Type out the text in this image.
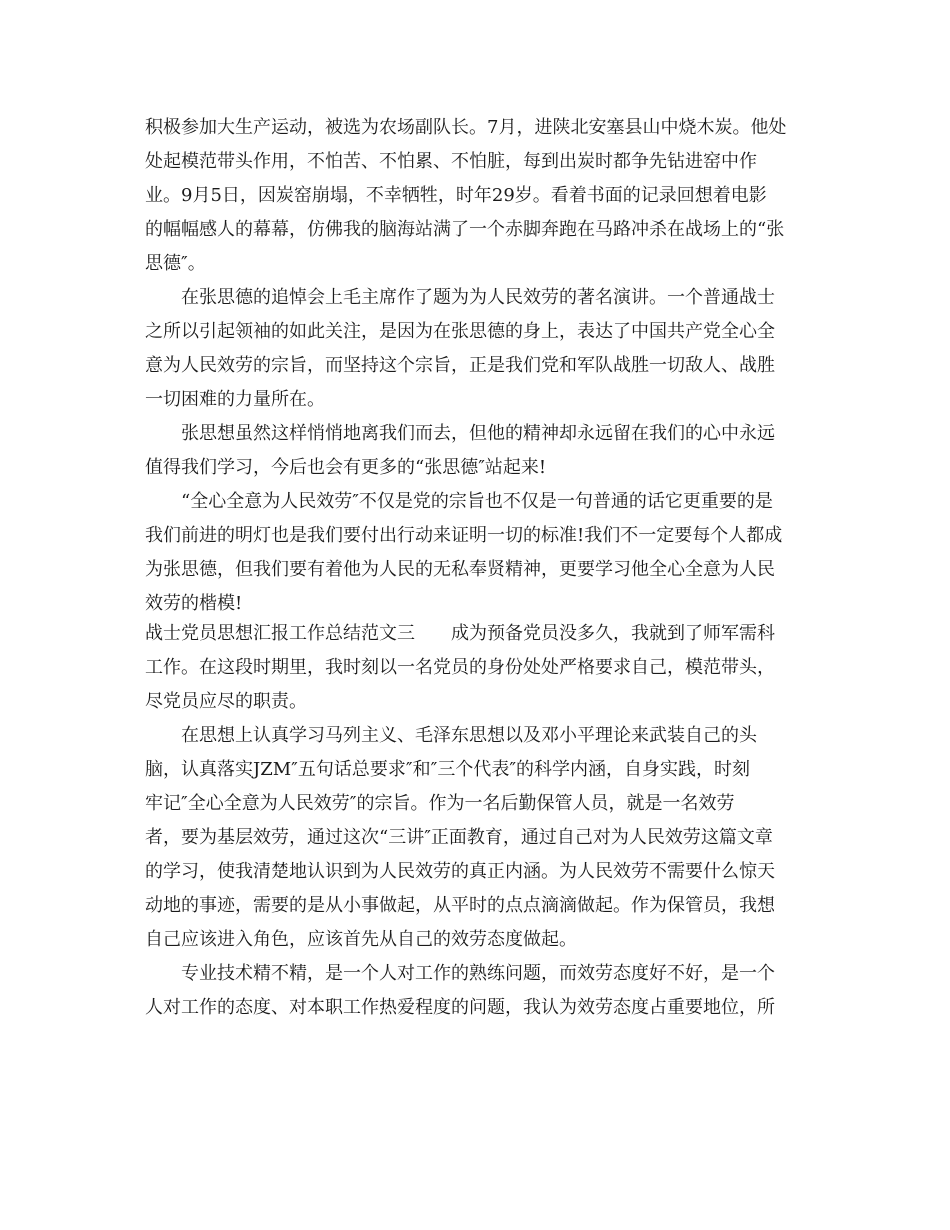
积极参加大生产运动，被选为农场副队长。7月，进陕北安塞县山中烧木炭。他处
处起模范带头作用，不怕苦、不怕累、不怕脏，每到出炭时都争先钻进窑中作
业。9月5日，因炭窑崩塌，不幸牺牲，时年29岁。看着书面的记录回想着电影
的幅幅感人的幕幕，仿佛我的脑海站满了一个赤脚奔跑在马路冲杀在战场上的“张
思德″。
　　在张思德的追悼会上毛主席作了题为为人民效劳的著名演讲。一个普通战士
之所以引起领袖的如此关注，是因为在张思德的身上，表达了中国共产党全心全
意为人民效劳的宗旨，而坚持这个宗旨，正是我们党和军队战胜一切敌人、战胜
一切困难的力量所在。
　　张思想虽然这样悄悄地离我们而去，但他的精神却永远留在我们的心中永远
值得我们学习，今后也会有更多的“张思德″站起来!
　　“全心全意为人民效劳″不仅是党的宗旨也不仅是一句普通的话它更重要的是
我们前进的明灯也是我们要付出行动来证明一切的标准!我们不一定要每个人都成
为张思德，但我们要有着他为人民的无私奉贤精神，更要学习他全心全意为人民
效劳的楷模!
战士党员思想汇报工作总结范文三　　成为预备党员没多久，我就到了师军需科
工作。在这段时期里，我时刻以一名党员的身份处处严格要求自己，模范带头，
尽党员应尽的职责。
　　在思想上认真学习马列主义、毛泽东思想以及邓小平理论来武装自己的头
脑，认真落实JZM″五句话总要求″和″三个代表″的科学内涵，自身实践，时刻
牢记″全心全意为人民效劳″的宗旨。作为一名后勤保管人员，就是一名效劳
者，要为基层效劳，通过这次“三讲″正面教育，通过自己对为人民效劳这篇文章
的学习，使我清楚地认识到为人民效劳的真正内涵。为人民效劳不需要什么惊天
动地的事迹，需要的是从小事做起，从平时的点点滴滴做起。作为保管员，我想
自己应该进入角色，应该首先从自己的效劳态度做起。
　　专业技术精不精，是一个人对工作的熟练问题，而效劳态度好不好，是一个
人对工作的态度、对本职工作热爱程度的问题，我认为效劳态度占重要地位，所
